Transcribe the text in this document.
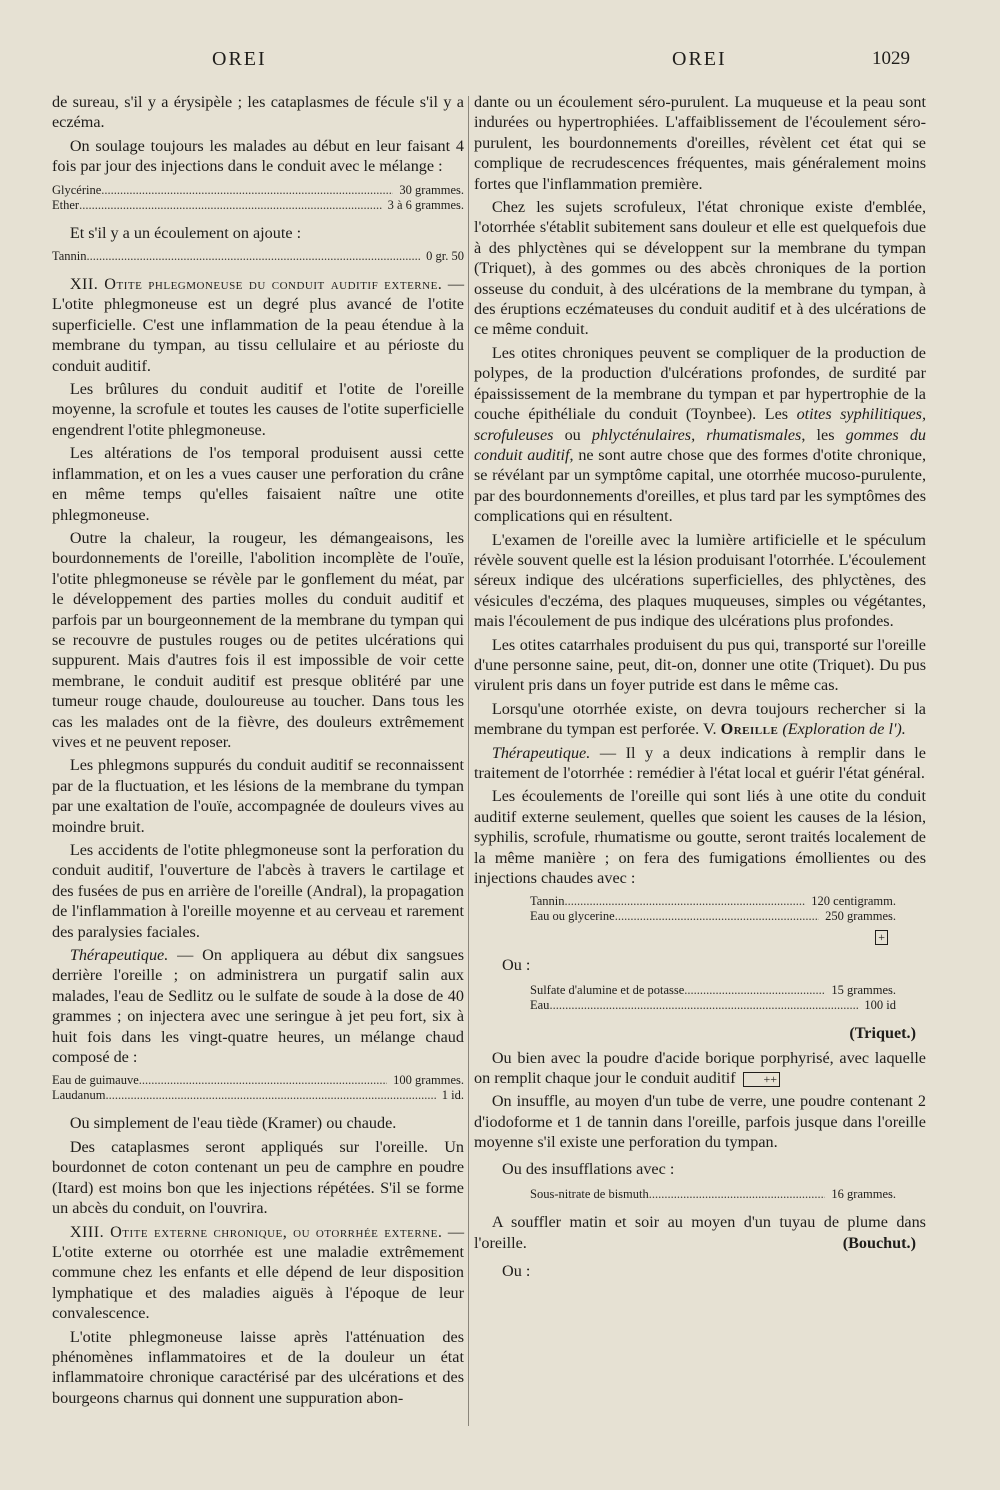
OREI	OREI	1029

de sureau, s'il y a érysipèle ; les cataplasmes de fécule s'il y a eczéma.

On soulage toujours les malades au début en leur faisant 4 fois par jour des injections dans le conduit avec le mélange :

Glycérine .....	30 grammes.
Ether .....	3 à 6 grammes.

Et s'il y a un écoulement on ajoute :

Tannin .....	0 gr. 50

XII. Otite phlegmoneuse du conduit auditif externe. — L'otite phlegmoneuse est un degré plus avancé de l'otite superficielle. C'est une inflammation de la peau étendue à la membrane du tympan, au tissu cellulaire et au périoste du conduit auditif.

Les brûlures du conduit auditif et l'otite de l'oreille moyenne, la scrofule et toutes les causes de l'otite superficielle engendrent l'otite phlegmoneuse.

Les altérations de l'os temporal produisent aussi cette inflammation, et on les a vues causer une perforation du crâne en même temps qu'elles faisaient naître une otite phlegmoneuse.

Outre la chaleur, la rougeur, les démangeaisons, les bourdonnements de l'oreille, l'abolition incomplète de l'ouïe, l'otite phlegmoneuse se révèle par le gonflement du méat, par le développement des parties molles du conduit auditif et parfois par un bourgeonnement de la membrane du tympan qui se recouvre de pustules rouges ou de petites ulcérations qui suppurent. Mais d'autres fois il est impossible de voir cette membrane, le conduit auditif est presque oblitéré par une tumeur rouge chaude, douloureuse au toucher. Dans tous les cas les malades ont de la fièvre, des douleurs extrêmement vives et ne peuvent reposer.

Les phlegmons suppurés du conduit auditif se reconnaissent par de la fluctuation, et les lésions de la membrane du tympan par une exaltation de l'ouïe, accompagnée de douleurs vives au moindre bruit.

Les accidents de l'otite phlegmoneuse sont la perforation du conduit auditif, l'ouverture de l'abcès à travers le cartilage et des fusées de pus en arrière de l'oreille (Andral), la propagation de l'inflammation à l'oreille moyenne et au cerveau et rarement des paralysies faciales.

Thérapeutique. — On appliquera au début dix sangsues derrière l'oreille ; on administrera un purgatif salin aux malades, l'eau de Sedlitz ou le sulfate de soude à la dose de 40 grammes ; on injectera avec une seringue à jet peu fort, six à huit fois dans les vingt-quatre heures, un mélange chaud composé de :

Eau de guimauve .....	100 grammes.
Laudanum .....	1 id.

Ou simplement de l'eau tiède (Kramer) ou chaude.

Des cataplasmes seront appliqués sur l'oreille. Un bourdonnet de coton contenant un peu de camphre en poudre (Itard) est moins bon que les injections répétées. S'il se forme un abcès du conduit, on l'ouvrira.

XIII. Otite externe chronique, ou otorrhée externe. — L'otite externe ou otorrhée est une maladie extrêmement commune chez les enfants et elle dépend de leur disposition lymphatique et des maladies aiguës à l'époque de leur convalescence.

L'otite phlegmoneuse laisse après l'atténuation des phénomènes inflammatoires et de la douleur un état inflammatoire chronique caractérisé par des ulcérations et des bourgeons charnus qui donnent une suppuration abon-

dante ou un écoulement séro-purulent. La muqueuse et la peau sont indurées ou hypertrophiées. L'affaiblissement de l'écoulement séro-purulent, les bourdonnements d'oreilles, révèlent cet état qui se complique de recrudescences fréquentes, mais généralement moins fortes que l'inflammation première.

Chez les sujets scrofuleux, l'état chronique existe d'emblée, l'otorrhée s'établit subitement sans douleur et elle est quelquefois due à des phlyctènes qui se développent sur la membrane du tympan (Triquet), à des gommes ou des abcès chroniques de la portion osseuse du conduit, à des ulcérations de la membrane du tympan, à des éruptions eczémateuses du conduit auditif et à des ulcérations de ce même conduit.

Les otites chroniques peuvent se compliquer de la production de polypes, de la production d'ulcérations profondes, de surdité par épaississement de la membrane du tympan et par hypertrophie de la couche épithéliale du conduit (Toynbee). Les otites syphilitiques, scrofuleuses ou phlycténulaires, rhumatismales, les gommes du conduit auditif, ne sont autre chose que des formes d'otite chronique, se révélant par un symptôme capital, une otorrhée mucoso-purulente, par des bourdonnements d'oreilles, et plus tard par les symptômes des complications qui en résultent.

L'examen de l'oreille avec la lumière artificielle et le spéculum révèle souvent quelle est la lésion produisant l'otorrhée. L'écoulement séreux indique des ulcérations superficielles, des phlyctènes, des vésicules d'eczéma, des plaques muqueuses, simples ou végétantes, mais l'écoulement de pus indique des ulcérations plus profondes.

Les otites catarrhales produisent du pus qui, transporté sur l'oreille d'une personne saine, peut, dit-on, donner une otite (Triquet). Du pus virulent pris dans un foyer putride est dans le même cas.

Lorsqu'une otorrhée existe, on devra toujours rechercher si la membrane du tympan est perforée. V. Oreille (Exploration de l').

Thérapeutique. — Il y a deux indications à remplir dans le traitement de l'otorrhée : remédier à l'état local et guérir l'état général.

Les écoulements de l'oreille qui sont liés à une otite du conduit auditif externe seulement, quelles que soient les causes de la lésion, syphilis, scrofule, rhumatisme ou goutte, seront traités localement de la même manière ; on fera des fumigations émollientes ou des injections chaudes avec :

Tannin .....	120 centigramm.
Eau ou glycerine .....	250 grammes.
+

Ou :

Sulfate d'alumine et de potasse .....	15 grammes.
Eau .....	100 id

(Triquet.)

Ou bien avec la poudre d'acide borique porphyrisé, avec laquelle on remplit chaque jour le conduit auditif ++

On insuffle, au moyen d'un tube de verre, une poudre contenant 2 d'iodoforme et 1 de tannin dans l'oreille, parfois jusque dans l'oreille moyenne s'il existe une perforation du tympan.

Ou des insufflations avec :

Sous-nitrate de bismuth .....	16 grammes.

A souffler matin et soir au moyen d'un tuyau de plume dans l'oreille.	(Bouchut.)

Ou :
